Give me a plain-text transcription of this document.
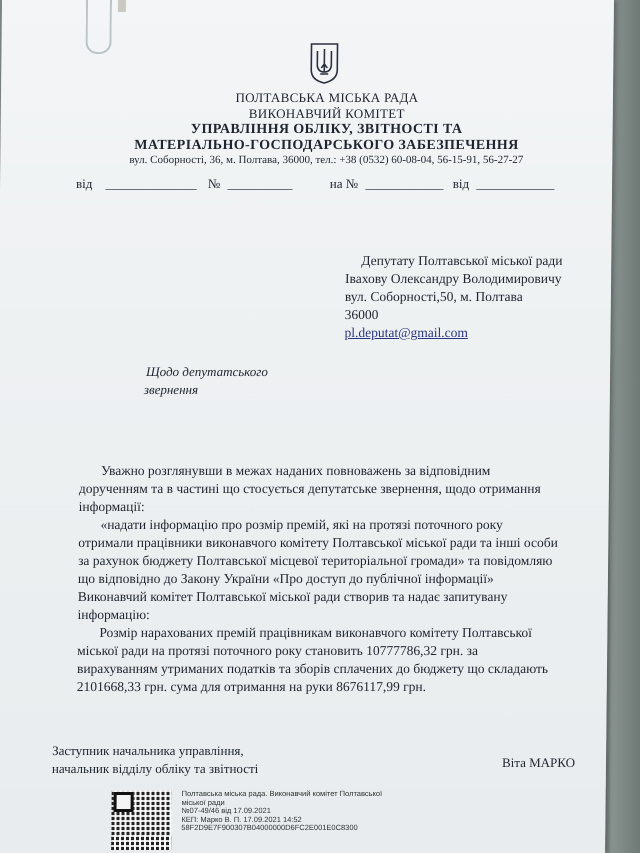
ПОЛТАВСЬКА МІСЬКА РАДА
ВИКОНАВЧИЙ КОМІТЕТ
УПРАВЛІННЯ ОБЛІКУ, ЗВІТНОСТІ ТА
МАТЕРІАЛЬНО-ГОСПОДАРСЬКОГО ЗАБЕЗПЕЧЕННЯ
вул. Соборності, 36, м. Полтава, 36000, тел.: +38 (0532) 60-08-04, 56-15-91, 56-27-27
від ______________ № __________	на № ____________ від ____________
Депутату Полтавської міської ради
Івахову Олександру Володимировичу
вул. Соборності,50, м. Полтава
36000
pl.deputat@gmail.com
Щодо депутатського
звернення
Уважно розглянувши в межах наданих повноважень за відповідним
дорученням та в частині що стосується депутатське звернення, щодо отримання
інформації:
«надати інформацію про розмір премій, які на протязі поточного року
отримали працівники виконавчого комітету Полтавської міської ради та інші особи
за рахунок бюджету Полтавської місцевої територіальної громади» та повідомляю
що відповідно до Закону України «Про доступ до публічної інформації»
Виконавчий комітет Полтавської міської ради створив та надає запитувану
інформацію:
Розмір нарахованих премій працівникам виконавчого комітету Полтавської
міської ради на протязі поточного року становить 10777786,32 грн. за
вирахуванням утриманих податків та зборів сплачених до бюджету що складають
2101668,33 грн. сума для отримання на руки 8676117,99 грн.
Заступник начальника управління,
начальник відділу обліку та звітності	Віта МАРКО
Полтавська міська рада. Виконавчий комітет Полтавської
міської ради
№07-49/46 від 17.09.2021
КЕП: Марко В. П. 17.09.2021 14:52
58F2D9E7F900307B04000000D6FC2E001E0C8300
